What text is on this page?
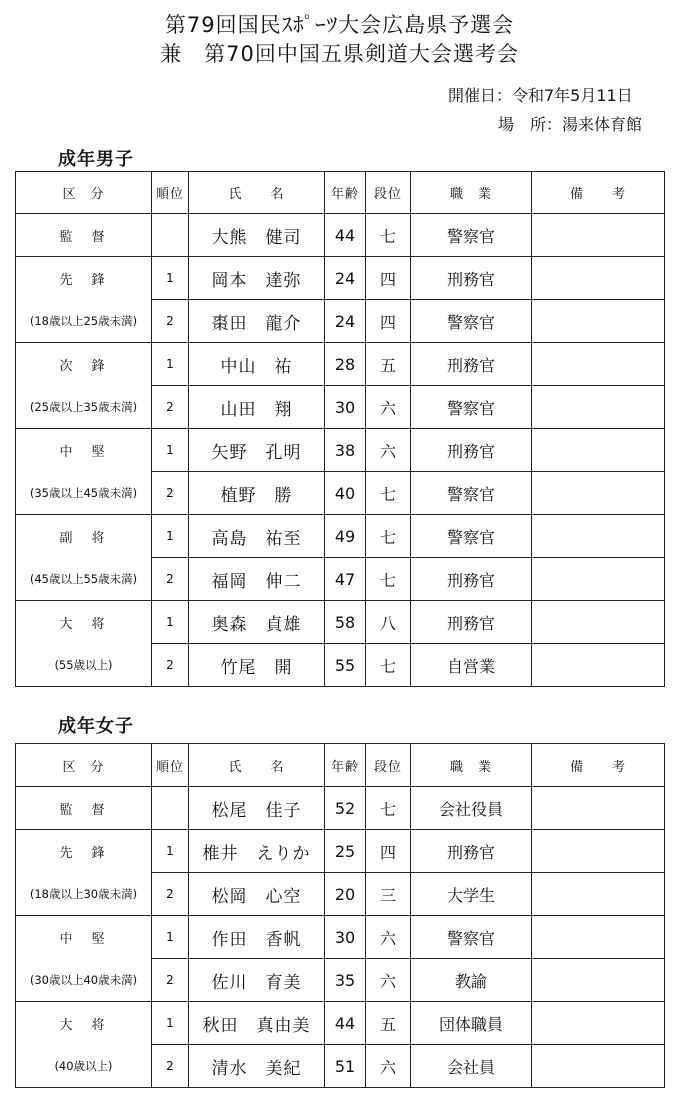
第79回国民ｽﾎﾟｰﾂ大会広島県予選会
兼　第70回中国五県剣道大会選考会
開催日：令和7年5月11日
場　所：湯来体育館
成年男子
区　分	順位	氏　　名	年齢	段位	職　業	備　　考
監　督		大熊　健司	44	七	警察官	
先　鋒	1	岡本　達弥	24	四	刑務官	
(18歳以上25歳未満)	2	棗田　龍介	24	四	警察官	
次　鋒	1	中山　祐	28	五	刑務官	
(25歳以上35歳未満)	2	山田　翔	30	六	警察官	
中　堅	1	矢野　孔明	38	六	刑務官	
(35歳以上45歳未満)	2	植野　勝	40	七	警察官	
副　将	1	高島　祐至	49	七	警察官	
(45歳以上55歳未満)	2	福岡　伸二	47	七	刑務官	
大　将	1	奥森　貞雄	58	八	刑務官	
(55歳以上)	2	竹尾　開	55	七	自営業	
成年女子
区　分	順位	氏　　名	年齢	段位	職　業	備　　考
監　督		松尾　佳子	52	七	会社役員	
先　鋒	1	椎井　えりか	25	四	刑務官	
(18歳以上30歳未満)	2	松岡　心空	20	三	大学生	
中　堅	1	作田　香帆	30	六	警察官	
(30歳以上40歳未満)	2	佐川　育美	35	六	教諭	
大　将	1	秋田　真由美	44	五	団体職員	
(40歳以上)	2	清水　美紀	51	六	会社員	
